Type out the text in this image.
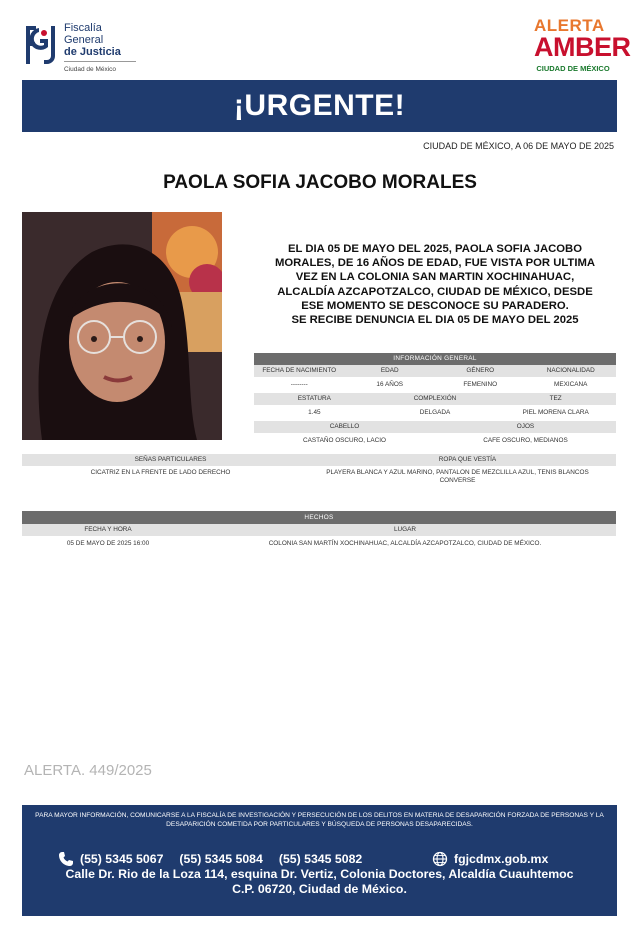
Fiscalía
General
de Justicia
Ciudad de México
ALERTA
AMBER
CIUDAD DE MÉXICO
¡URGENTE!
CIUDAD DE MÉXICO, A 06 DE MAYO DE 2025
PAOLA SOFIA JACOBO MORALES
EL DIA 05 DE MAYO DEL 2025, PAOLA SOFIA JACOBO
MORALES, DE 16 AÑOS DE EDAD, FUE VISTA POR ULTIMA
VEZ EN LA COLONIA SAN MARTIN XOCHINAHUAC,
ALCALDÍA AZCAPOTZALCO, CIUDAD DE MÉXICO, DESDE
ESE MOMENTO SE DESCONOCE SU PARADERO.
SE RECIBE DENUNCIA EL DIA 05 DE MAYO DEL 2025
INFORMACIÓN GENERAL
FECHA DE NACIMIENTO	EDAD	GÉNERO	NACIONALIDAD
--------	16 AÑOS	FEMENINO	MEXICANA
ESTATURA	COMPLEXIÓN	TEZ
1.45	DELGADA	PIEL MORENA CLARA
CABELLO	OJOS
CASTAÑO OSCURO, LACIO	CAFE OSCURO, MEDIANOS
SEÑAS PARTICULARES	ROPA QUE VESTÍA
CICATRIZ EN LA FRENTE DE LADO DERECHO	PLAYERA BLANCA Y AZUL MARINO, PANTALON DE MEZCLILLA AZUL, TENIS BLANCOS CONVERSE
HECHOS
FECHA Y HORA	LUGAR
05 DE MAYO DE 2025 16:00	COLONIA SAN MARTÍN XOCHINAHUAC, ALCALDÍA AZCAPOTZALCO, CIUDAD DE MÉXICO.
ALERTA. 449/2025
PARA MAYOR INFORMACIÓN, COMUNICARSE A LA FISCALÍA DE INVESTIGACIÓN Y PERSECUCIÓN DE LOS DELITOS EN MATERIA DE DESAPARICIÓN FORZADA DE PERSONAS Y LA DESAPARICIÓN COMETIDA POR PARTICULARES Y BÚSQUEDA DE PERSONAS DESAPARECIDAS.
(55) 5345 5067 (55) 5345 5084 (55) 5345 5082	fgjcdmx.gob.mx
Calle Dr. Rio de la Loza 114, esquina Dr. Vertiz, Colonia Doctores, Alcaldía Cuauhtemoc
C.P. 06720, Ciudad de México.
